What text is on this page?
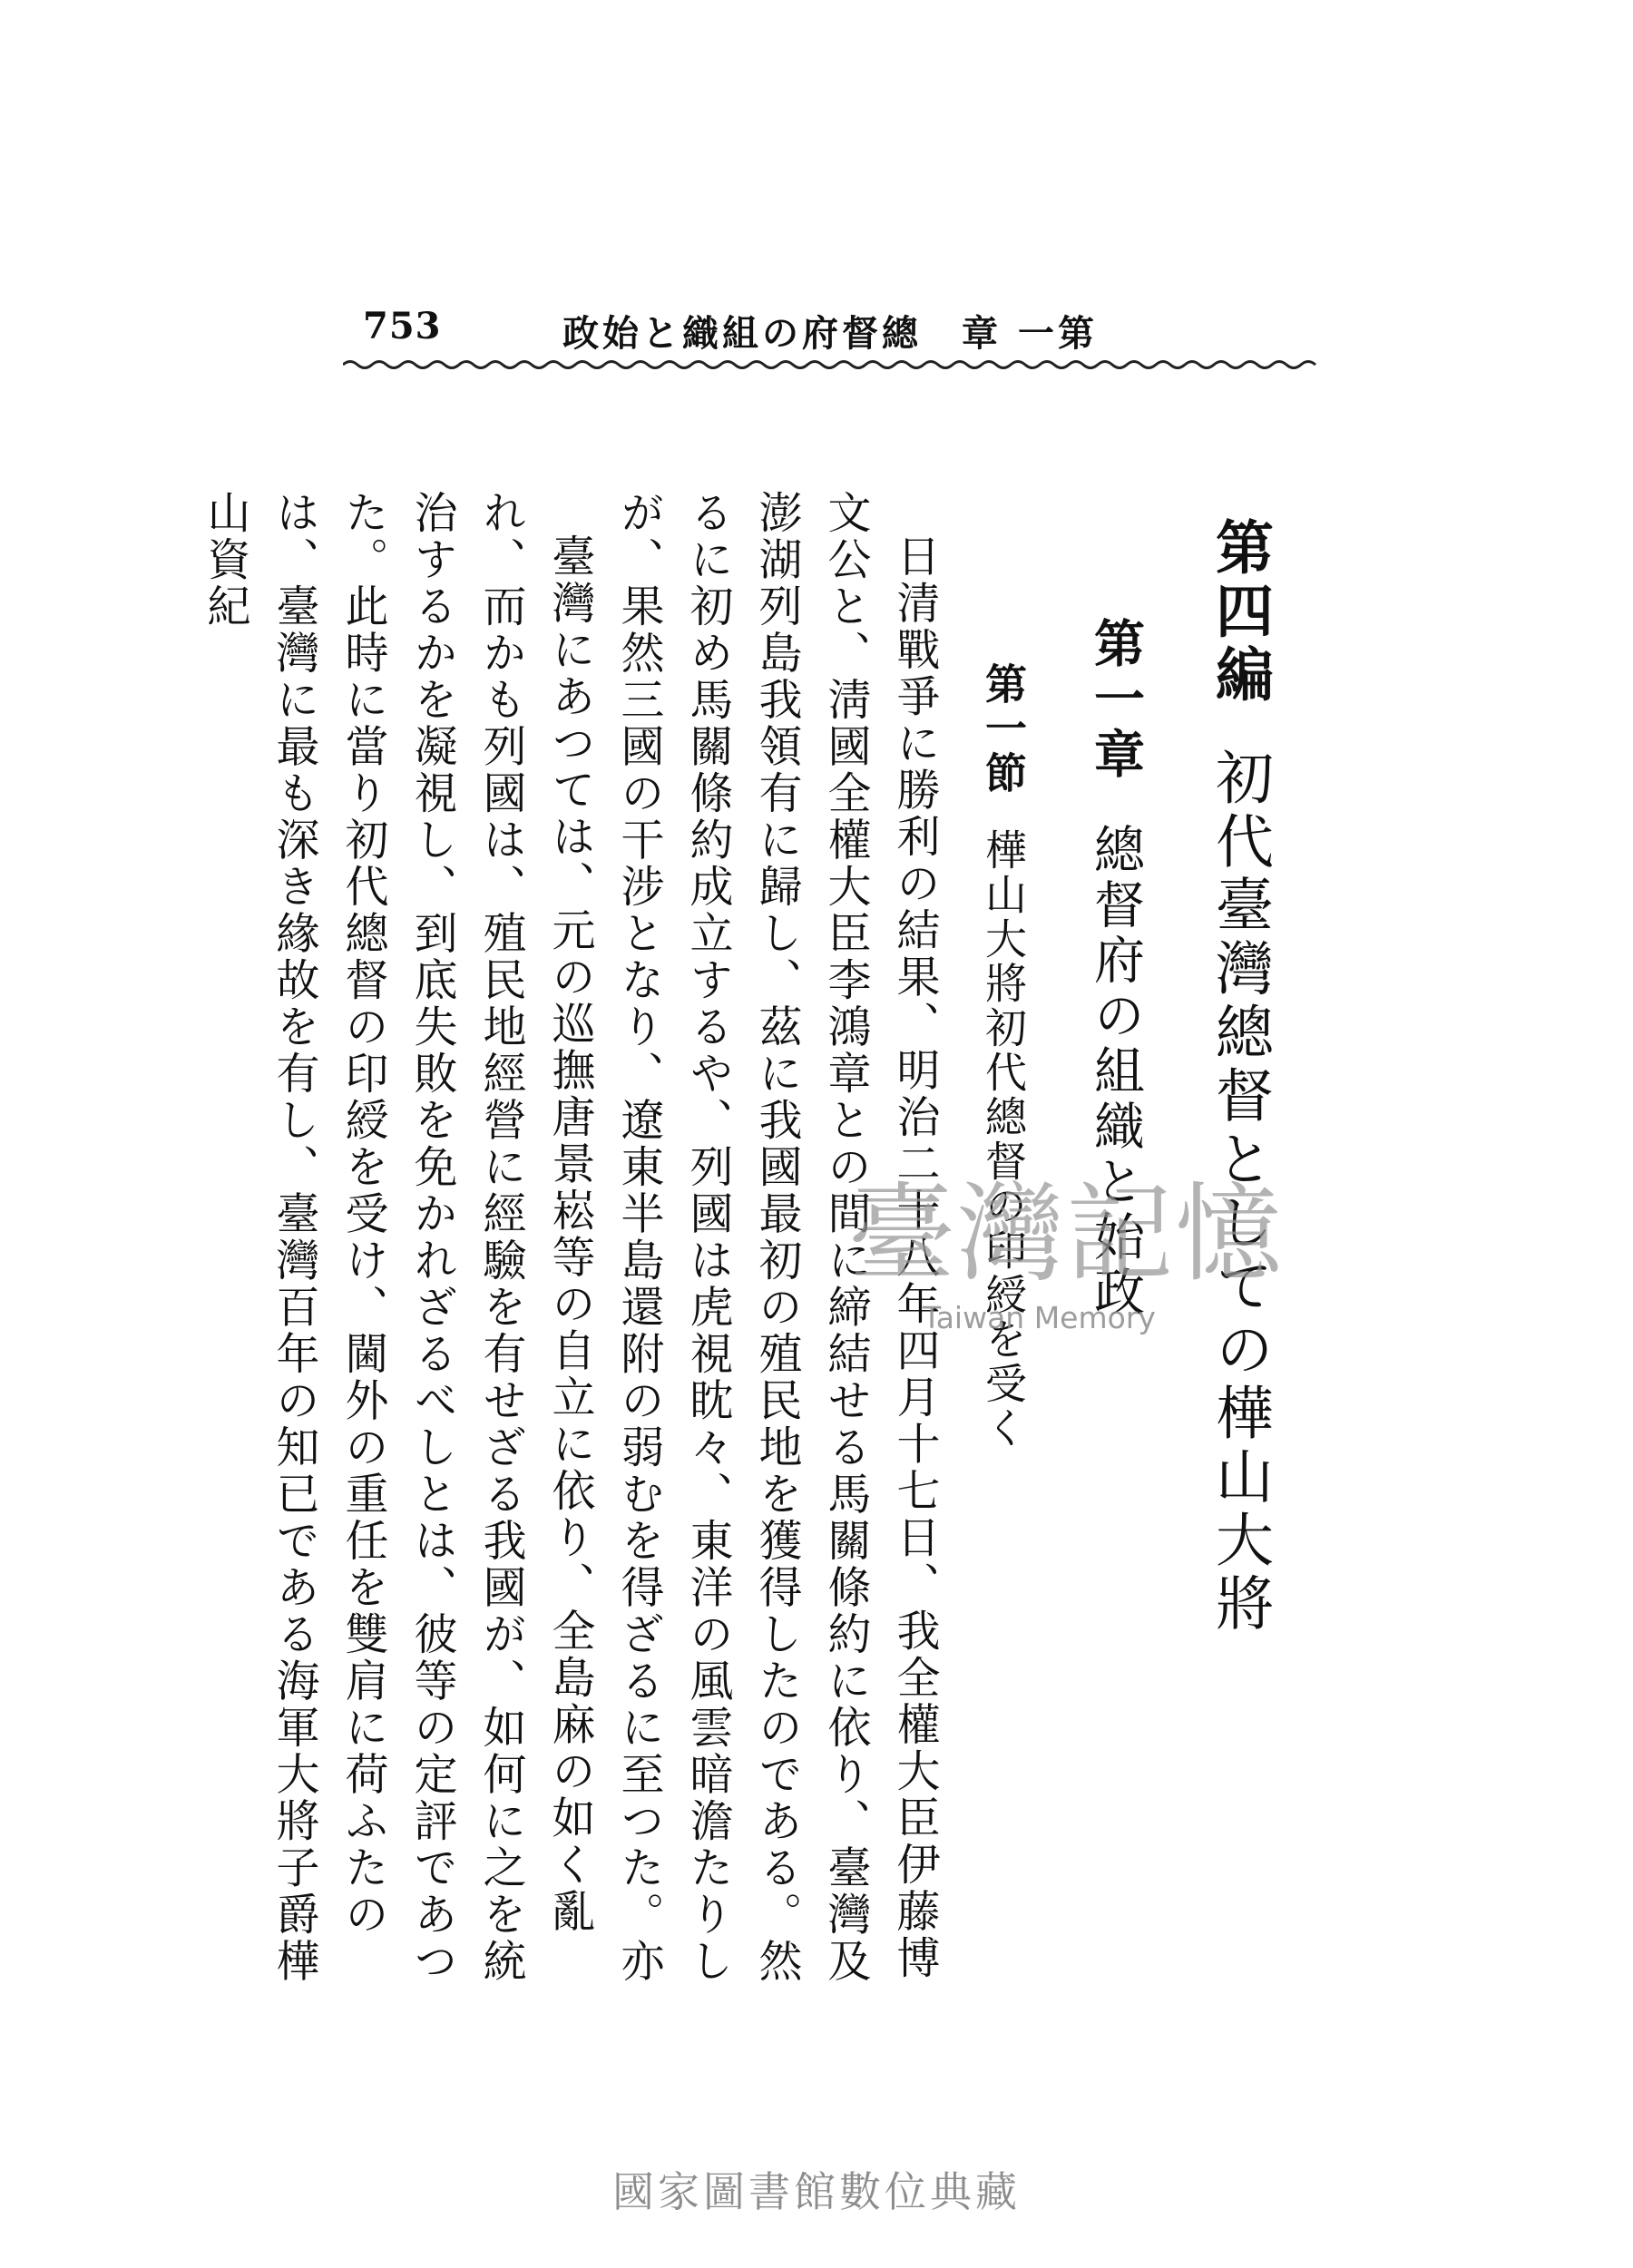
753	第一 章　總督府の組織と始政
第四編初代臺灣總督としての樺山大將
第一章總督府の組織と始政
第一節樺山大將初代總督の印綬を受く

日清戰爭に勝利の結果、明治二十八年四月十七日、我全權大臣伊藤博文公と、淸國全權大臣李鴻章との間に締結せる馬關條約に依り、臺灣及澎湖列島我領有に歸し、茲に我國最初の殖民地を獲得したのである。然るに初め馬關條約成立するや、列國は虎視眈々、東洋の風雲暗澹たりしが、果然三國の干涉となり、遼東半島還附の弱むを得ざるに至つた。亦

臺灣にあつては、元の巡撫唐景崧等の自立に依り、全島麻の如く亂れ、而かも列國は、殖民地經營に經驗を有せざる我國が、如何に之を統治するかを凝視し、到底失敗を免かれざるべしとは、彼等の定評であつた。此時に當り初代總督の印綬を受け、閫外の重任を雙肩に荷ふたのは、臺灣に最も深き緣故を有し、臺灣百年の知已である海軍大將子爵樺山資紀

臺灣記憶
Taiwan Memory
國家圖書館數位典藏
